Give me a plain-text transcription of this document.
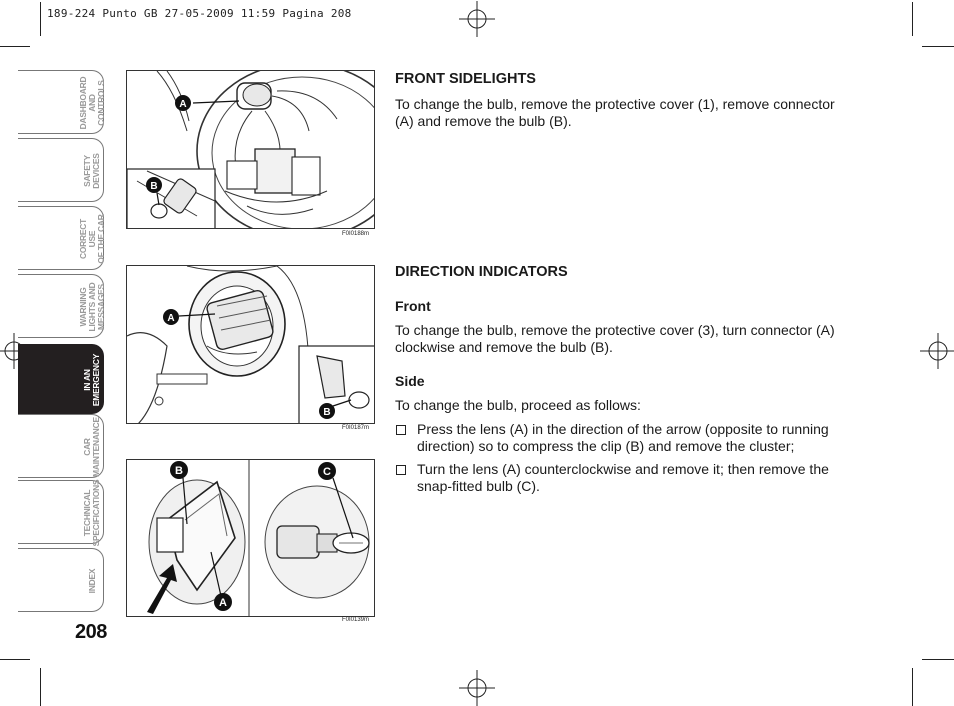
189-224 Punto GB 27-05-2009 11:59 Pagina 208
DASHBOARD
AND
CONTROLS
SAFETY
DEVICES
CORRECT USE
OF THE CAR
WARNING
LIGHTS AND
MESSAGES
IN AN
EMERGENCY
CAR
MAINTENANCE
TECHNICAL
SPECIFICATIONS
INDEX
208
A
B
F0I0188m
A
B
F0I0187m
B	C
A
F0I0139m
FRONT SIDELIGHTS

To change the bulb, remove the protective cover (1), remove connector (A) and remove the bulb (B).

DIRECTION INDICATORS
Front

To change the bulb, remove the protective cover (3), turn connector (A) clockwise and remove the bulb (B).

Side

To change the bulb, proceed as follows:

Press the lens (A) in the direction of the arrow (opposite to running direction) so to compress the clip (B) and remove the cluster;
Turn the lens (A) counterclockwise and remove it; then remove the snap-fitted bulb (C).
